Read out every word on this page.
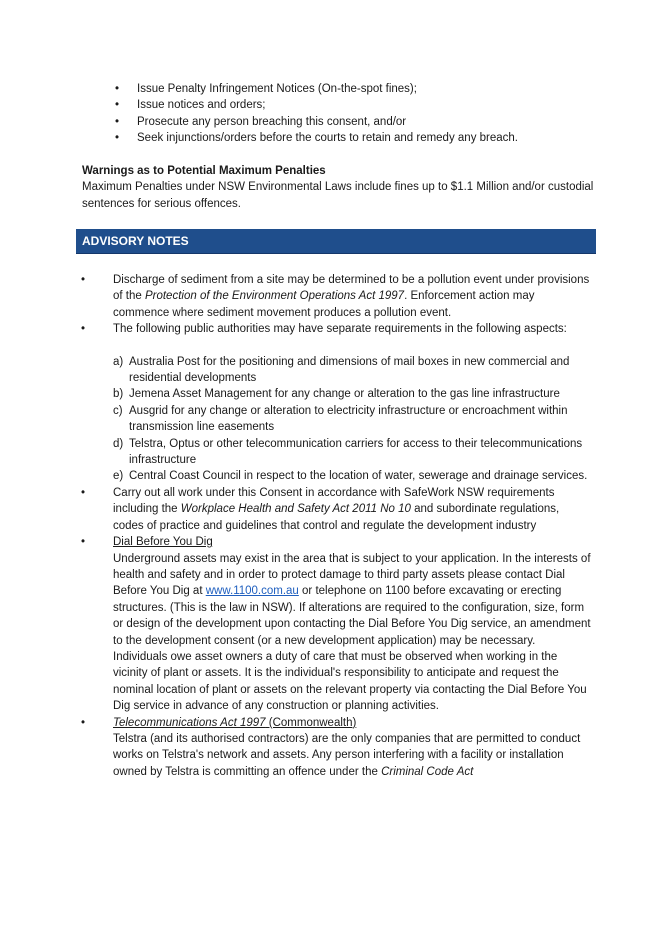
• Issue Penalty Infringement Notices (On-the-spot fines);
• Issue notices and orders;
• Prosecute any person breaching this consent, and/or
• Seek injunctions/orders before the courts to retain and remedy any breach.
Warnings as to Potential Maximum Penalties

Maximum Penalties under NSW Environmental Laws include fines up to $1.1 Million and/or custodial sentences for serious offences.

ADVISORY NOTES
• Discharge of sediment from a site may be determined to be a pollution event under provisions of the Protection of the Environment Operations Act 1997. Enforcement action may commence where sediment movement produces a pollution event.
• The following public authorities may have separate requirements in the following aspects:
a) Australia Post for the positioning and dimensions of mail boxes in new commercial and residential developments
b) Jemena Asset Management for any change or alteration to the gas line infrastructure
c) Ausgrid for any change or alteration to electricity infrastructure or encroachment within transmission line easements
d) Telstra, Optus or other telecommunication carriers for access to their telecommunications infrastructure
e) Central Coast Council in respect to the location of water, sewerage and drainage services.
• Carry out all work under this Consent in accordance with SafeWork NSW requirements including the Workplace Health and Safety Act 2011 No 10 and subordinate regulations, codes of practice and guidelines that control and regulate the development industry
• Dial Before You Dig
Underground assets may exist in the area that is subject to your application. In the interests of health and safety and in order to protect damage to third party assets please contact Dial Before You Dig at www.1100.com.au or telephone on 1100 before excavating or erecting structures. (This is the law in NSW). If alterations are required to the configuration, size, form or design of the development upon contacting the Dial Before You Dig service, an amendment to the development consent (or a new development application) may be necessary. Individuals owe asset owners a duty of care that must be observed when working in the vicinity of plant or assets. It is the individual's responsibility to anticipate and request the nominal location of plant or assets on the relevant property via contacting the Dial Before You Dig service in advance of any construction or planning activities.
• Telecommunications Act 1997 (Commonwealth)
Telstra (and its authorised contractors) are the only companies that are permitted to conduct works on Telstra's network and assets. Any person interfering with a facility or installation owned by Telstra is committing an offence under the Criminal Code Act
